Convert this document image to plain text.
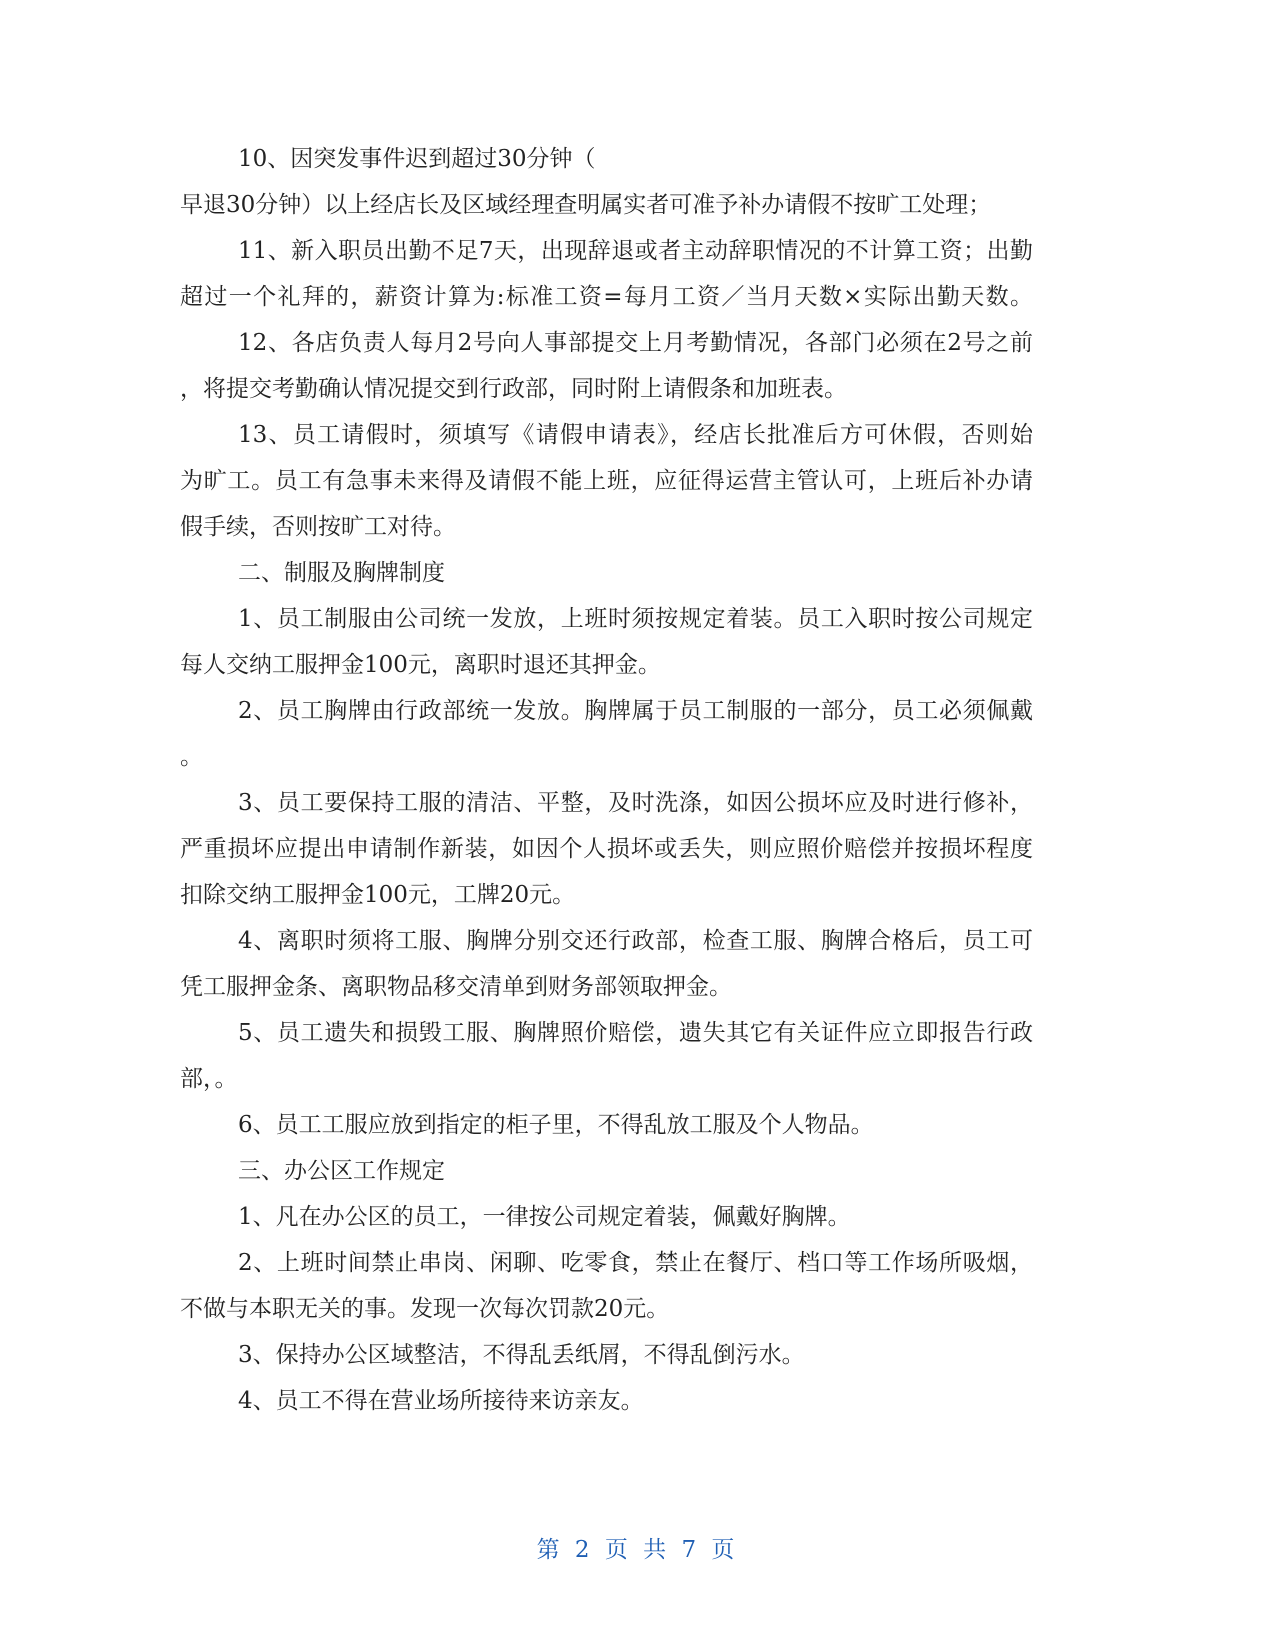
10、因突发事件迟到超过30分钟（
早退30分钟）以上经店长及区域经理查明属实者可准予补办请假不按旷工处理；
11、新入职员出勤不足7天，出现辞退或者主动辞职情况的不计算工资；出勤
超过一个礼拜的，薪资计算为:标准工资=每月工资／当月天数×实际出勤天数。
12、各店负责人每月2号向人事部提交上月考勤情况，各部门必须在2号之前
，将提交考勤确认情况提交到行政部，同时附上请假条和加班表。
13、员工请假时，须填写《请假申请表》，经店长批准后方可休假，否则始
为旷工。员工有急事未来得及请假不能上班，应征得运营主管认可，上班后补办请
假手续，否则按旷工对待。
二、制服及胸牌制度
1、员工制服由公司统一发放，上班时须按规定着装。员工入职时按公司规定
每人交纳工服押金100元，离职时退还其押金。
2、员工胸牌由行政部统一发放。胸牌属于员工制服的一部分，员工必须佩戴
。
3、员工要保持工服的清洁、平整，及时洗涤，如因公损坏应及时进行修补，
严重损坏应提出申请制作新装，如因个人损坏或丢失，则应照价赔偿并按损坏程度
扣除交纳工服押金100元，工牌20元。
4、离职时须将工服、胸牌分别交还行政部，检查工服、胸牌合格后，员工可
凭工服押金条、离职物品移交清单到财务部领取押金。
5、员工遗失和损毁工服、胸牌照价赔偿，遗失其它有关证件应立即报告行政
部，。
6、员工工服应放到指定的柜子里，不得乱放工服及个人物品。
三、办公区工作规定
1、凡在办公区的员工，一律按公司规定着装，佩戴好胸牌。
2、上班时间禁止串岗、闲聊、吃零食，禁止在餐厅、档口等工作场所吸烟，
不做与本职无关的事。发现一次每次罚款20元。
3、保持办公区域整洁，不得乱丢纸屑，不得乱倒污水。
4、员工不得在营业场所接待来访亲友。
第 2 页 共 7 页
